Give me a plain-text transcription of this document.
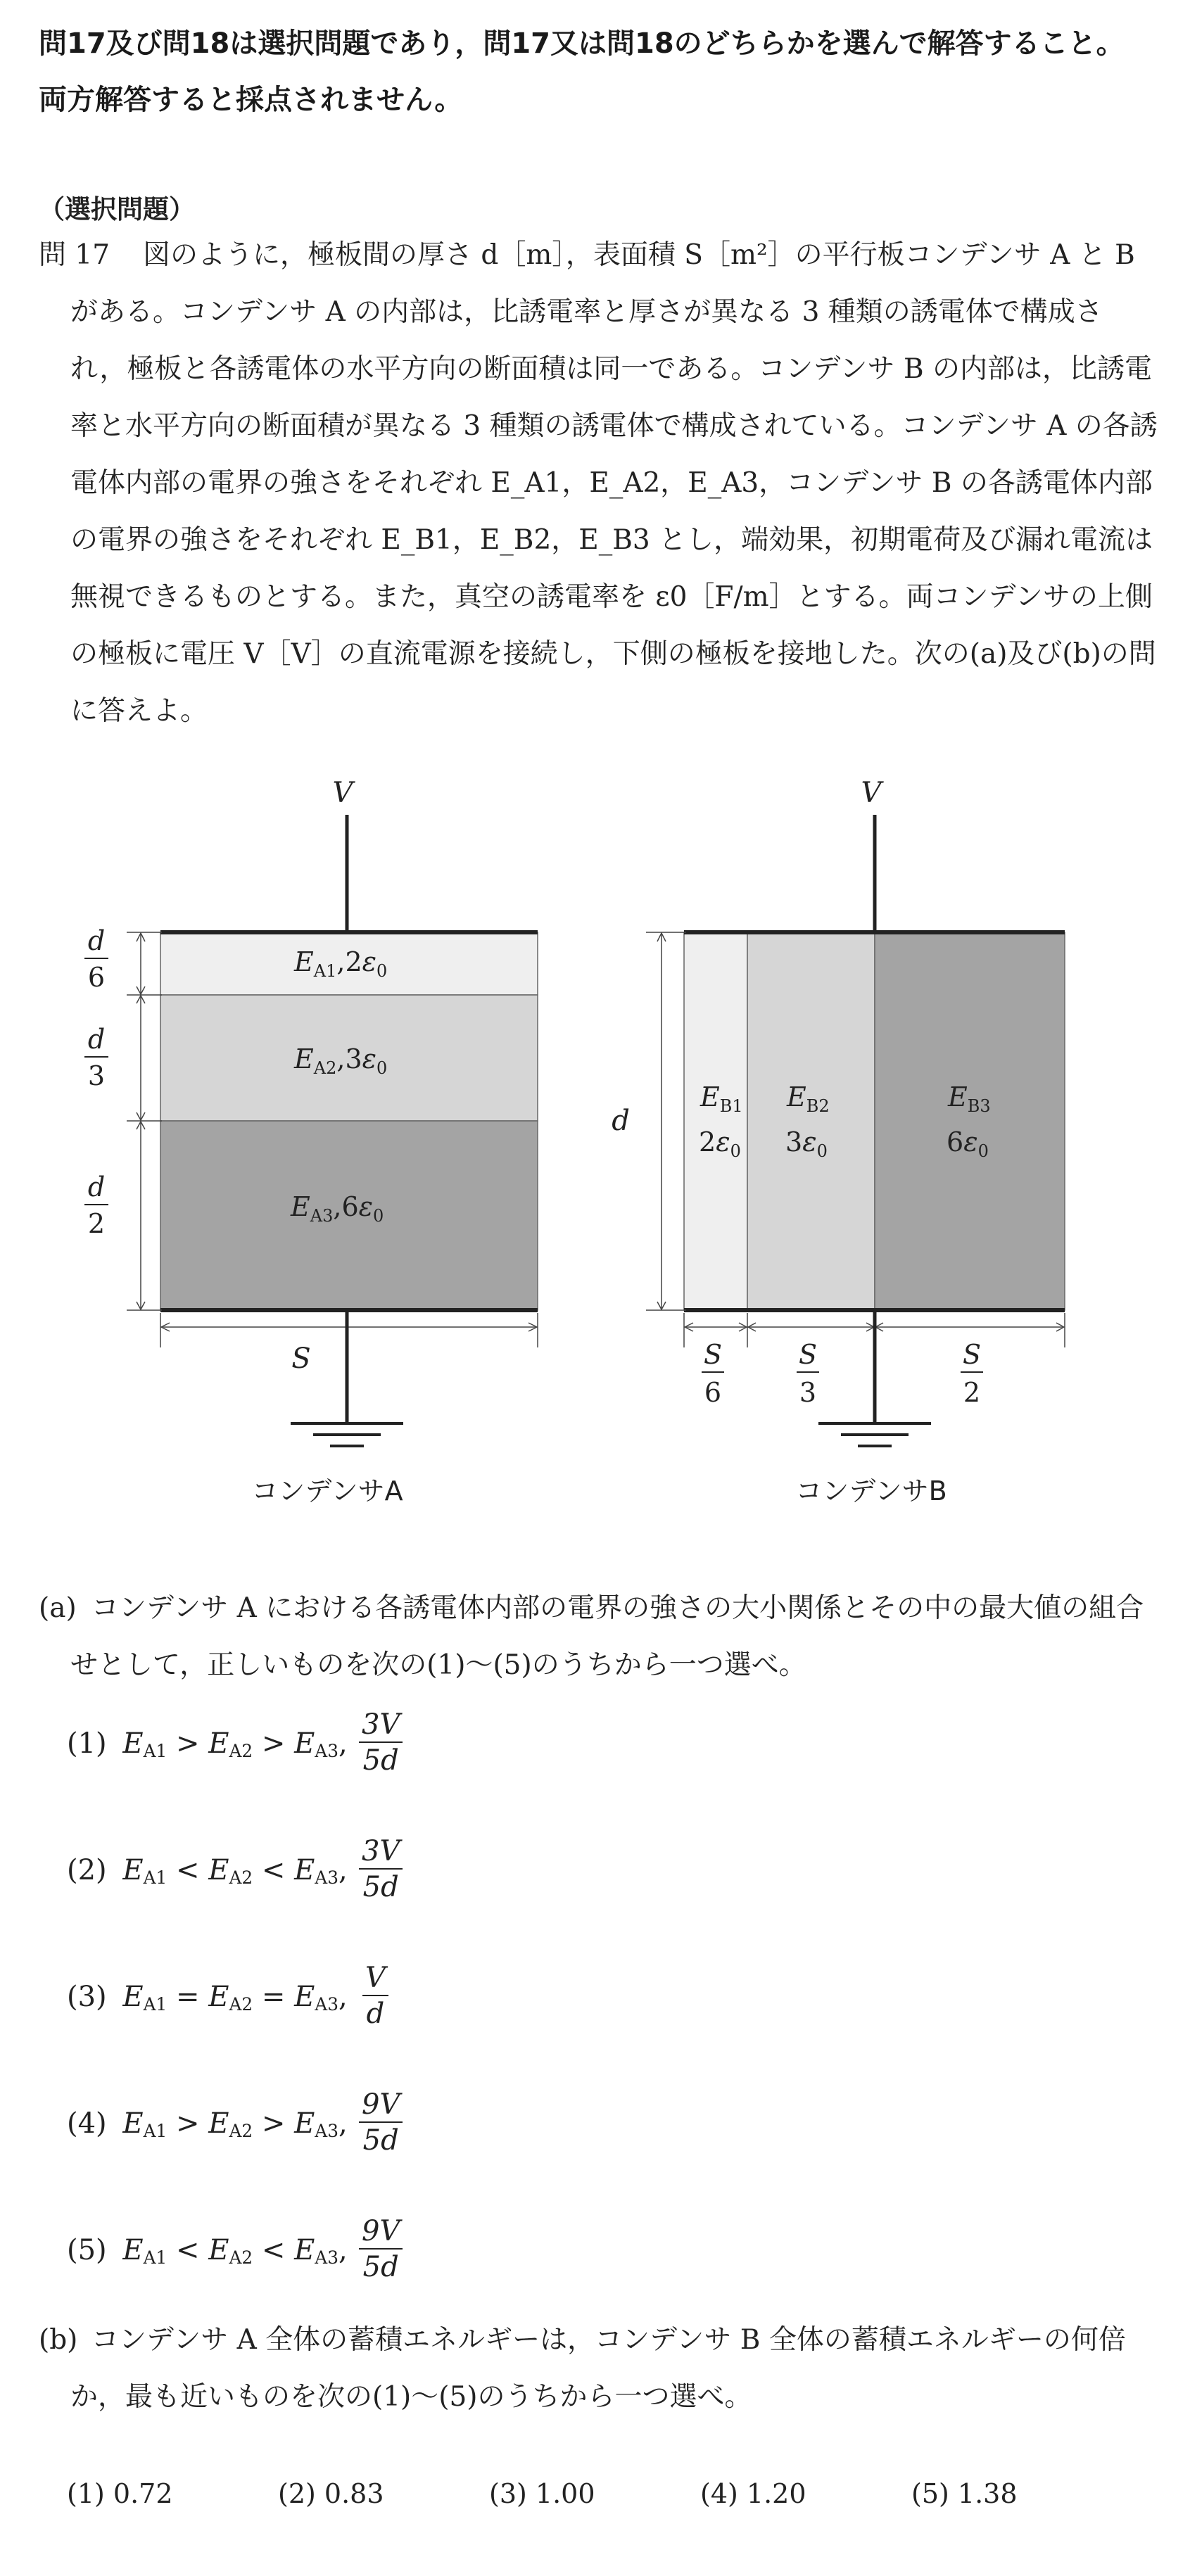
問17及び問18は選択問題であり，問17又は問18のどちらかを選んで解答すること。
両方解答すると採点されません。
（選択問題）
問 17	図のように，極板間の厚さ d［m］，表面積 S［m²］の平行板コンデンサ A と B がある。コンデンサ A の内部は，比誘電率と厚さが異なる 3 種類の誘電体で構成され，極板と各誘電体の水平方向の断面積は同一である。コンデンサ B の内部は，比誘電率と水平方向の断面積が異なる 3 種類の誘電体で構成されている。コンデンサ A の各誘電体内部の電界の強さをそれぞれ E_A1，E_A2，E_A3，コンデンサ B の各誘電体内部の電界の強さをそれぞれ E_B1，E_B2，E_B3 とし，端効果，初期電荷及び漏れ電流は無視できるものとする。また，真空の誘電率を ε0［F/m］とする。両コンデンサの上側の極板に電圧 V［V］の直流電源を接続し，下側の極板を接地した。次の(a)及び(b)の問に答えよ。
V
$E_{A1},2\varepsilon_0$
$E_{A2},3\varepsilon_0$
$E_{A3},6\varepsilon_0$
d
6
d
3
d
2
S
コンデンサA
V
$E_{B1}$
$2\varepsilon_0$
$E_{B2}$
$3\varepsilon_0$
$E_{B3}$
$6\varepsilon_0$
d
S
6
S
3
S
2
コンデンサB
(a) コンデンサ A における各誘電体内部の電界の強さの大小関係とその中の最大値の組合せとして，正しいものを次の(1)～(5)のうちから一つ選べ。
(1) $E_{A1} > E_{A2} > E_{A3}$, $\frac{3V}{5d}$
(2) $E_{A1} < E_{A2} < E_{A3}$, $\frac{3V}{5d}$
(3) $E_{A1} = E_{A2} = E_{A3}$, $\frac{V}{d}$
(4) $E_{A1} > E_{A2} > E_{A3}$, $\frac{9V}{5d}$
(5) $E_{A1} < E_{A2} < E_{A3}$, $\frac{9V}{5d}$
(b) コンデンサ A 全体の蓄積エネルギーは，コンデンサ B 全体の蓄積エネルギーの何倍か，最も近いものを次の(1)～(5)のうちから一つ選べ。
(1) 0.72	(2) 0.83	(3) 1.00	(4) 1.20	(5) 1.38
